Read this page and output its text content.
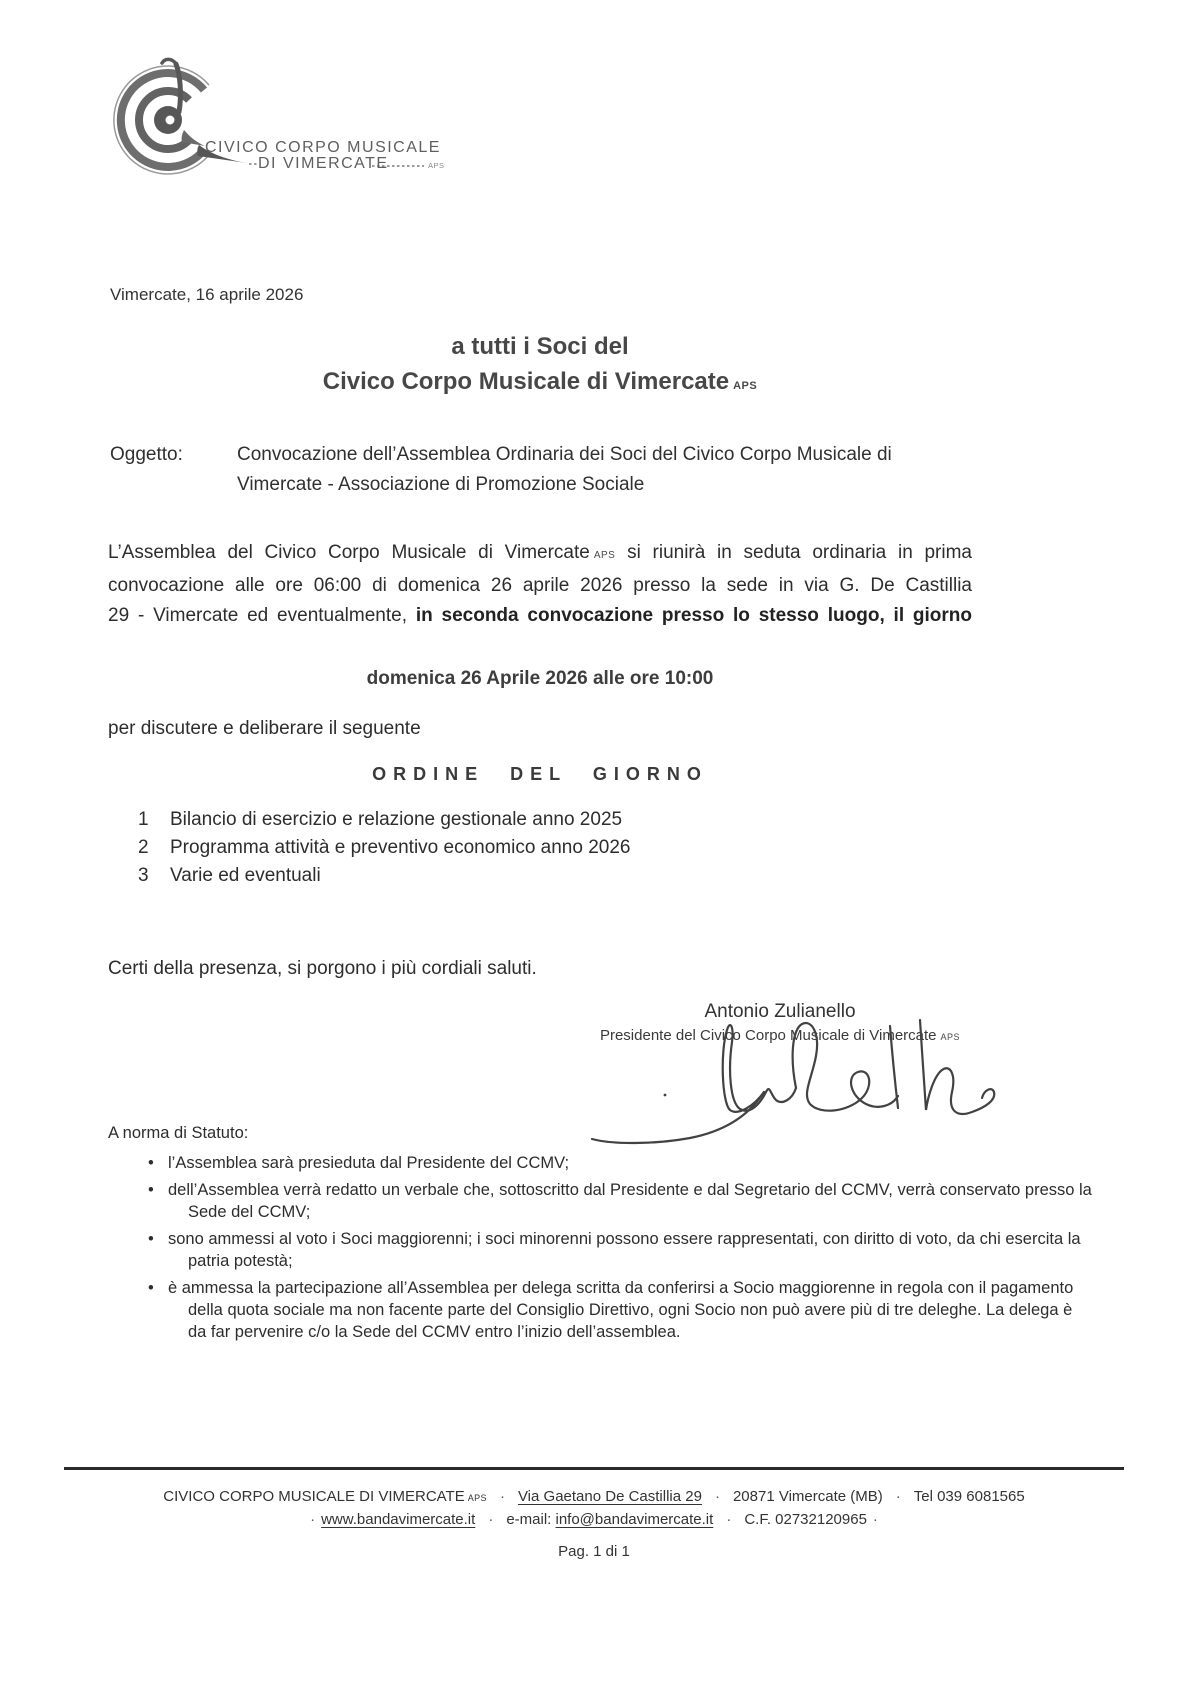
CIVICO CORPO MUSICALE
DI VIMERCATE	APS
Vimercate, 16 aprile 2026
a tutti i Soci del
Civico Corpo Musicale di Vimercate APS
Oggetto:	Convocazione dell’Assemblea Ordinaria dei Soci del Civico Corpo Musicale di
Vimercate - Associazione di Promozione Sociale
L’Assemblea del Civico Corpo Musicale di Vimercate APS si riunirà in seduta ordinaria in prima
convocazione alle ore 06:00 di domenica 26 aprile 2026 presso la sede in via G. De Castillia
29 - Vimercate ed eventualmente, in seconda convocazione presso lo stesso luogo, il giorno
domenica 26 Aprile 2026 alle ore 10:00
per discutere e deliberare il seguente
ORDINE DEL GIORNO
1 Bilancio di esercizio e relazione gestionale anno 2025
2 Programma attività e preventivo economico anno 2026
3 Varie ed eventuali
Certi della presenza, si porgono i più cordiali saluti.
Antonio Zulianello
Presidente del Civico Corpo Musicale di Vimercate APS
A norma di Statuto:
• l’Assemblea sarà presieduta dal Presidente del CCMV;
• dell’Assemblea verrà redatto un verbale che, sottoscritto dal Presidente e dal Segretario del CCMV, verrà conservato presso la Sede del CCMV;
• sono ammessi al voto i Soci maggiorenni; i soci minorenni possono essere rappresentati, con diritto di voto, da chi esercita la patria potestà;
• è ammessa la partecipazione all’Assemblea per delega scritta da conferirsi a Socio maggiorenne in regola con il pagamento della quota sociale ma non facente parte del Consiglio Direttivo, ogni Socio non può avere più di tre deleghe. La delega è da far pervenire c/o la Sede del CCMV entro l’inizio dell’assemblea.
CIVICO CORPO MUSICALE DI VIMERCATE APS · Via Gaetano De Castillia 29 · 20871 Vimercate (MB) · Tel 039 6081565
· www.bandavimercate.it · e-mail: info@bandavimercate.it · C.F. 02732120965 ·
Pag. 1 di 1
